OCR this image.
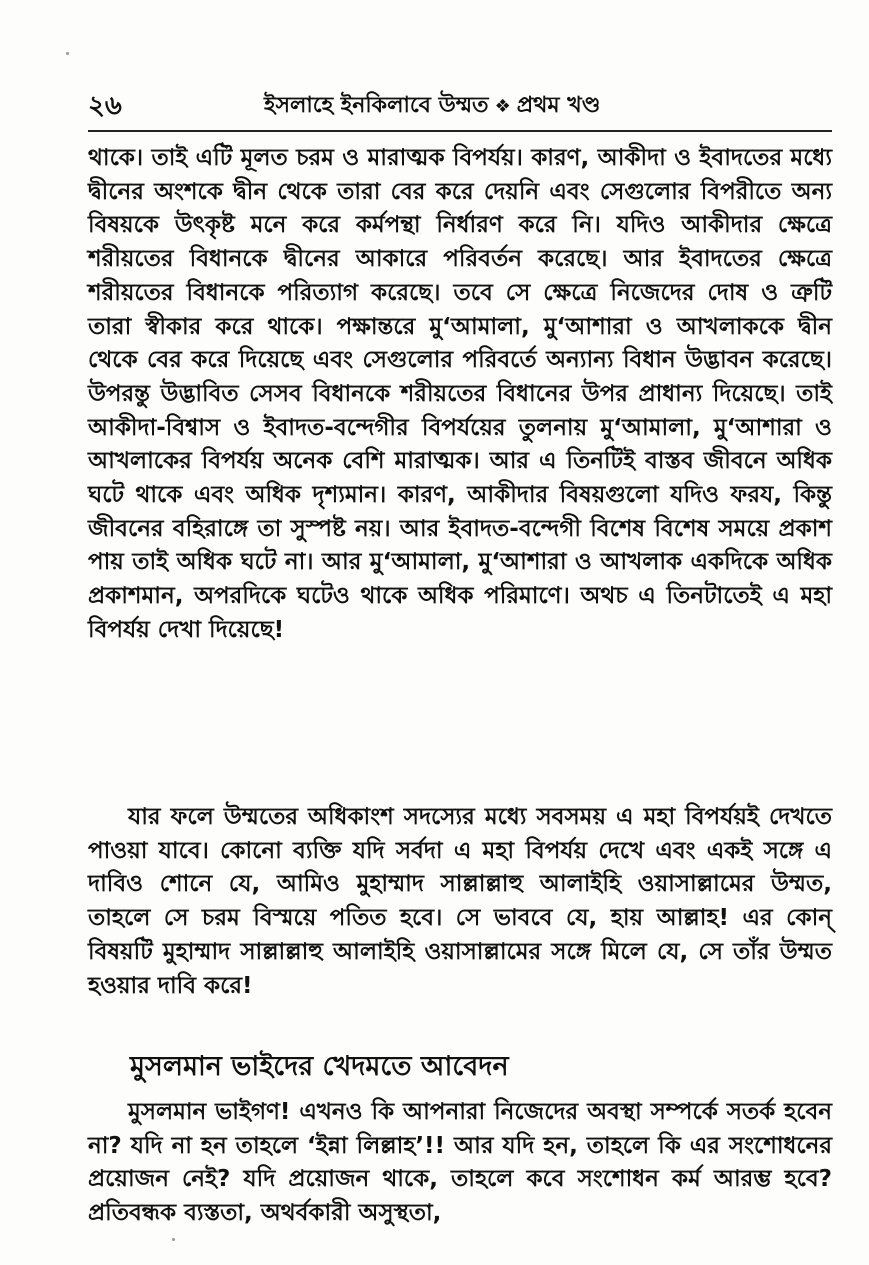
২৬	ইসলাহে ইনকিলাবে উম্মত ❖ প্রথম খণ্ড

থাকে। তাই এটি মূলত চরম ও মারাত্মক বিপর্যয়। কারণ, আকীদা ও ইবাদতের মধ্যে দ্বীনের অংশকে দ্বীন থেকে তারা বের করে দেয়নি এবং সেগুলোর বিপরীতে অন্য বিষয়কে উৎকৃষ্ট মনে করে কর্মপন্থা নির্ধারণ করে নি। যদিও আকীদার ক্ষেত্রে শরীয়তের বিধানকে দ্বীনের আকারে পরিবর্তন করেছে। আর ইবাদতের ক্ষেত্রে শরীয়তের বিধানকে পরিত্যাগ করেছে। তবে সে ক্ষেত্রে নিজেদের দোষ ও ত্রুটি তারা স্বীকার করে থাকে। পক্ষান্তরে মু‘আমালা, মু‘আশারা ও আখলাককে দ্বীন থেকে বের করে দিয়েছে এবং সেগুলোর পরিবর্তে অন্যান্য বিধান উদ্ভাবন করেছে। উপরন্তু উদ্ভাবিত সেসব বিধানকে শরীয়তের বিধানের উপর প্রাধান্য দিয়েছে। তাই আকীদা-বিশ্বাস ও ইবাদত-বন্দেগীর বিপর্যয়ের তুলনায় মু‘আমালা, মু‘আশারা ও আখলাকের বিপর্যয় অনেক বেশি মারাত্মক। আর এ তিনটিই বাস্তব জীবনে অধিক ঘটে থাকে এবং অধিক দৃশ্যমান। কারণ, আকীদার বিষয়গুলো যদিও ফরয, কিন্তু জীবনের বহিরাঙ্গে তা সুস্পষ্ট নয়। আর ইবাদত-বন্দেগী বিশেষ বিশেষ সময়ে প্রকাশ পায় তাই অধিক ঘটে না। আর মু‘আমালা, মু‘আশারা ও আখলাক একদিকে অধিক প্রকাশমান, অপরদিকে ঘটেও থাকে অধিক পরিমাণে। অথচ এ তিনটাতেই এ মহা বিপর্যয় দেখা দিয়েছে!

যার ফলে উম্মতের অধিকাংশ সদস্যের মধ্যে সবসময় এ মহা বিপর্যয়ই দেখতে পাওয়া যাবে। কোনো ব্যক্তি যদি সর্বদা এ মহা বিপর্যয় দেখে এবং একই সঙ্গে এ দাবিও শোনে যে, আমিও মুহাম্মাদ সাল্লাল্লাহু আলাইহি ওয়াসাল্লামের উম্মত, তাহলে সে চরম বিস্ময়ে পতিত হবে। সে ভাববে যে, হায় আল্লাহ! এর কোন্ বিষয়টি মুহাম্মাদ সাল্লাল্লাহু আলাইহি ওয়াসাল্লামের সঙ্গে মিলে যে, সে তাঁর উম্মত হওয়ার দাবি করে!

মুসলমান ভাইদের খেদমতে আবেদন

মুসলমান ভাইগণ! এখনও কি আপনারা নিজেদের অবস্থা সম্পর্কে সতর্ক হবেন না? যদি না হন তাহলে ‘ইন্না লিল্লাহ’!! আর যদি হন, তাহলে কি এর সংশোধনের প্রয়োজন নেই? যদি প্রয়োজন থাকে, তাহলে কবে সংশোধন কর্ম আরম্ভ হবে? প্রতিবন্ধক ব্যস্ততা, অথর্বকারী অসুস্থতা,
